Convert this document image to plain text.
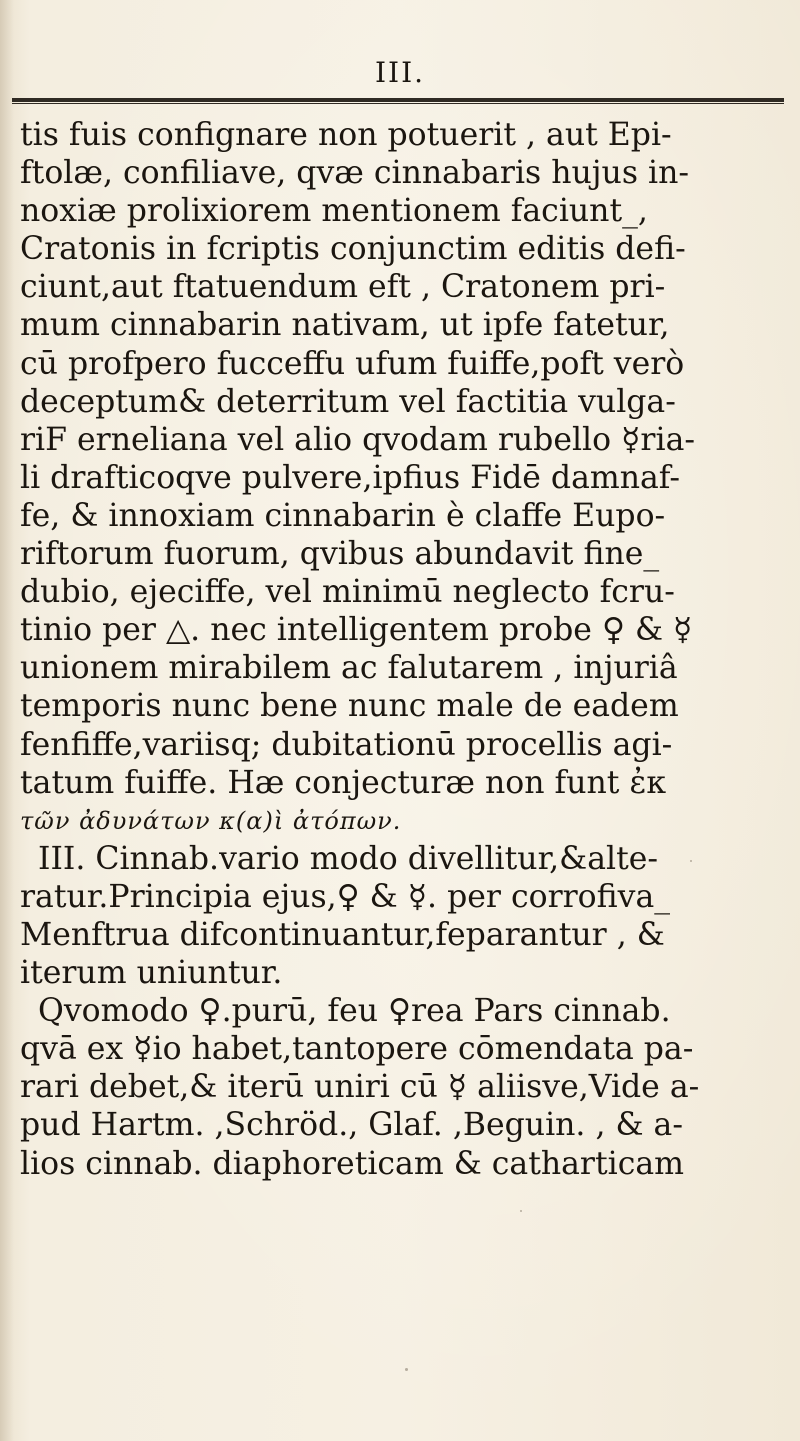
III.
tis fuis confignare non potuerit , aut Epi-
ftolæ, confiliave, qvæ cinnabaris hujus in-
noxiæ prolixiorem mentionem faciunt_,
Cratonis in fcriptis conjunctim editis defi-
ciunt,aut ftatuendum eft , Cratonem pri-
mum cinnabarin nativam, ut ipfe fatetur,
cū profpero fucceffu ufum fuiffe,poft verò
deceptum& deterritum vel factitia vulga-
riF erneliana vel alio qvodam rubello ☿ria-
li drafticoqve pulvere,ipfius Fidē damnaf-
fe, & innoxiam cinnabarin è claffe Eupo-
riftorum fuorum, qvibus abundavit fine_
dubio, ejeciffe, vel minimū neglecto fcru-
tinio per △. nec intelligentem probe ♀ & ☿
unionem mirabilem ac falutarem , injuriâ
temporis nunc bene nunc male de eadem
fenfiffe,variisq; dubitationū procellis agi-
tatum fuiffe. Hæ conjecturæ non funt ἐκ
τῶν ἀδυνάτων κ(α)ὶ ἀτόπων.
III. Cinnab.vario modo divellitur,&alte-
ratur.Principia ejus,♀ & ☿. per corrofiva_
Menftrua difcontinuantur,feparantur , &
iterum uniuntur.
Qvomodo ♀.purū, feu ♀rea Pars cinnab.
qvā ex ☿io habet,tantopere cōmendata pa-
rari debet,& iterū uniri cū ☿ aliisve,Vide a-
pud Hartm. ,Schröd., Glaf. ,Beguin. , & a-
lios cinnab. diaphoreticam & catharticam
